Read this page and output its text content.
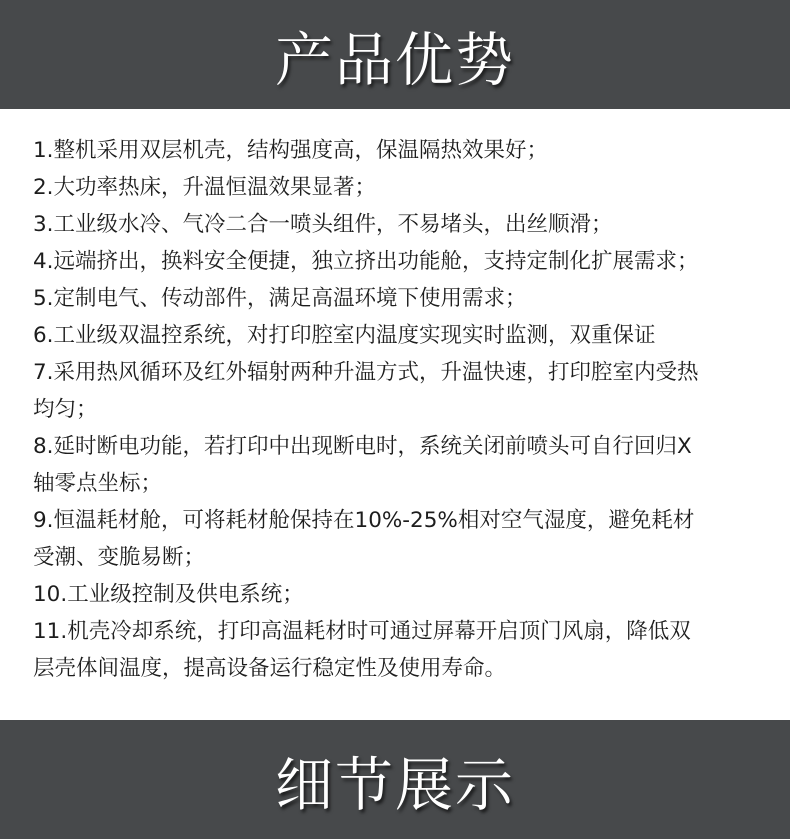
产品优势

1.整机采用双层机壳，结构强度高，保温隔热效果好；

2.大功率热床，升温恒温效果显著；

3.工业级水冷、气冷二合一喷头组件，不易堵头，出丝顺滑；

4.远端挤出，换料安全便捷，独立挤出功能舱，支持定制化扩展需求；

5.定制电气、传动部件，满足高温环境下使用需求；

6.工业级双温控系统，对打印腔室内温度实现实时监测，双重保证

7.采用热风循环及红外辐射两种升温方式，升温快速，打印腔室内受热
均匀；

8.延时断电功能，若打印中出现断电时，系统关闭前喷头可自行回归X
轴零点坐标；

9.恒温耗材舱，可将耗材舱保持在10%-25%相对空气湿度，避免耗材
受潮、变脆易断；

10.工业级控制及供电系统；

11.机壳冷却系统，打印高温耗材时可通过屏幕开启顶门风扇，降低双
层壳体间温度，提高设备运行稳定性及使用寿命。

细节展示
